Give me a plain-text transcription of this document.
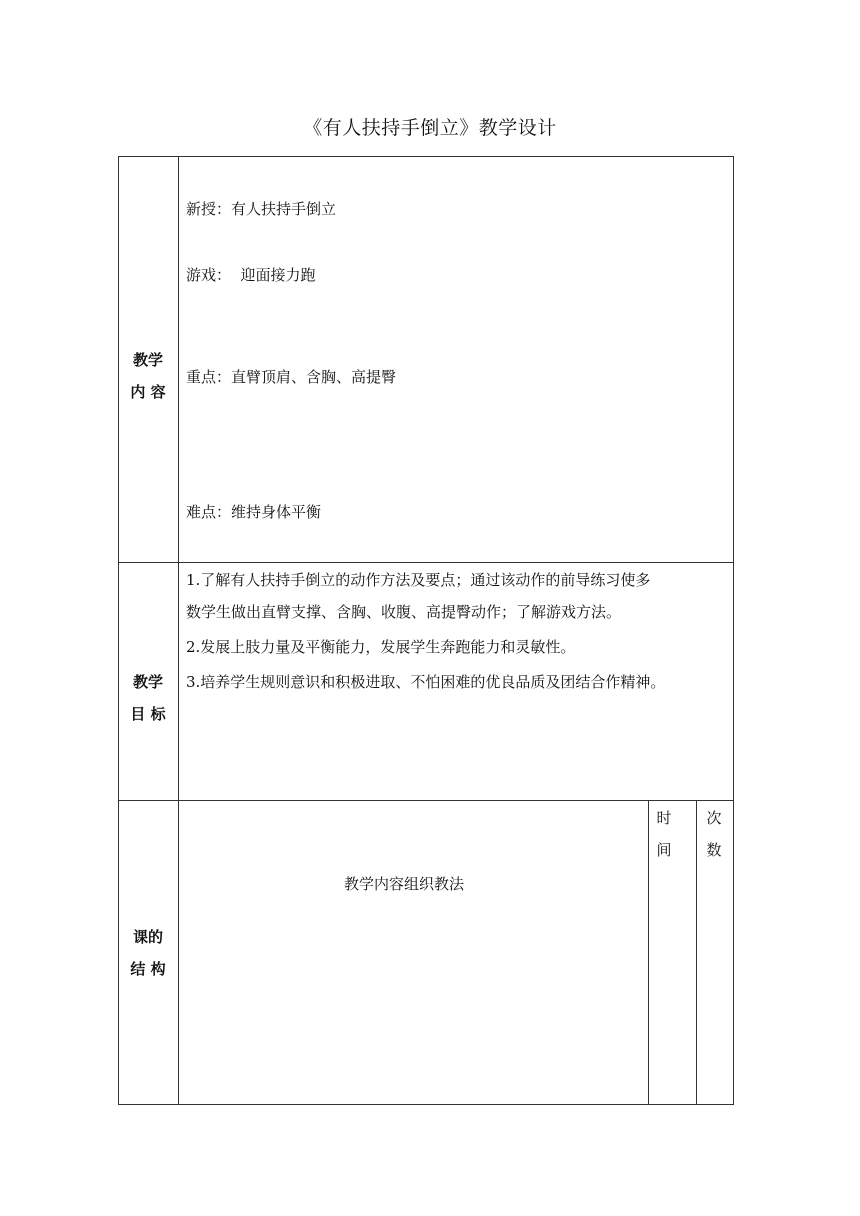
《有人扶持手倒立》教学设计
教学
内 容
新授：有人扶持手倒立
游戏：  迎面接力跑
重点：直臂顶肩、含胸、高提臀
难点：维持身体平衡
教学
目 标
1.了解有人扶持手倒立的动作方法及要点；通过该动作的前导练习使多
数学生做出直臂支撑、含胸、收腹、高提臀动作；了解游戏方法。
2.发展上肢力量及平衡能力，发展学生奔跑能力和灵敏性。
3.培养学生规则意识和积极进取、不怕困难的优良品质及团结合作精神。
课的
结 构
教学内容组织教法
时
间
次
数
